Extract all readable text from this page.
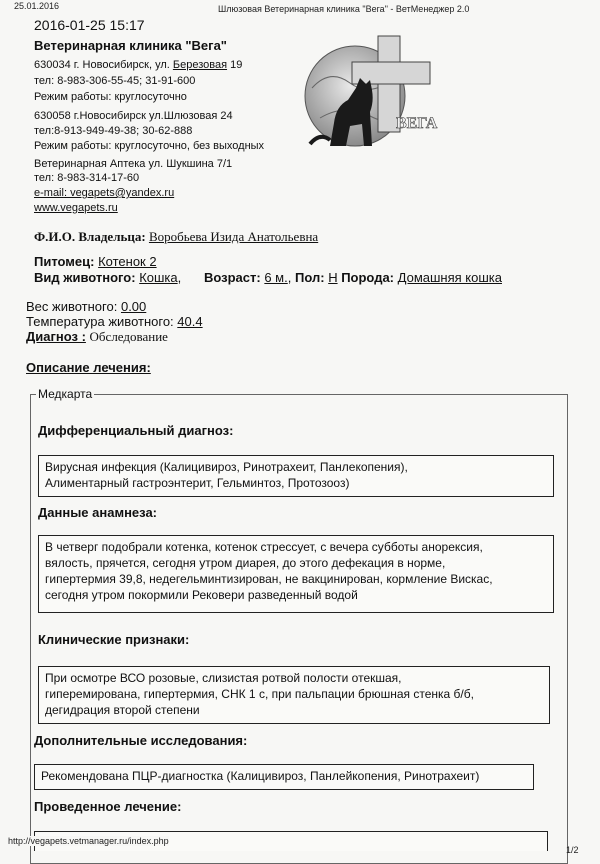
25.01.2016	Шлюзовая Ветеринарная клиника "Вега" - ВетМенеджер 2.0
2016-01-25 15:17
Ветеринарная клиника "Вега"
630034 г. Новосибирск, ул. Березовая 19
тел: 8-983-306-55-45; 31-91-600
Режим работы: круглосуточно
630058 г.Новосибирск ул.Шлюзовая 24
тел:8-913-949-49-38; 30-62-888
Режим работы: круглосуточно, без выходных
Ветеринарная Аптека ул. Шукшина 7/1
тел: 8-983-314-17-60
e-mail: vegapets@yandex.ru
www.vegapets.ru
ВЕГА
Ф.И.О. Владельца: Воробьева Изида Анатольевна
Питомец: Котенок 2
Вид животного: Кошка, Возраст: 6 м., Пол: Н Порода: Домашняя кошка
Вес животного: 0.00
Температура животного: 40.4
Диагноз : Обследование
Описание лечения:
Медкарта
Дифференциальный диагноз:
Вирусная инфекция (Калицивироз, Ринотрахеит, Панлекопения),
Алиментарный гастроэнтерит, Гельминтоз, Протозооз)
Данные анамнеза:
В четверг подобрали котенка, котенок стрессует, с вечера субботы анорексия,
вялость, прячется, сегодня утром диарея, до этого дефекация в норме,
гипертермия 39,8, недегельминтизирован, не вакцинирован, кормление Вискас,
сегодня утром покормили Рековери разведенный водой
Клинические признаки:
При осмотре ВСО розовые, слизистая ротвой полости отекшая,
гиперемирована, гипертермия, СНК 1 с, при пальпации брюшная стенка б/б,
дегидрация второй степени
Дополнительные исследования:
Рекомендована ПЦР-диагностка (Калицивироз, Панлейкопения, Ринотрахеит)
Проведенное лечение:
http://vegapets.vetmanager.ru/index.php
1/2
